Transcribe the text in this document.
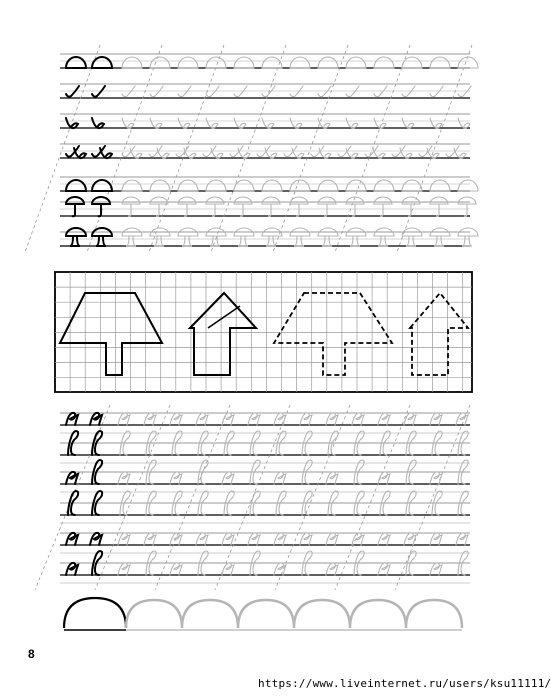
8
https://www.liveinternet.ru/users/ksu11111/
